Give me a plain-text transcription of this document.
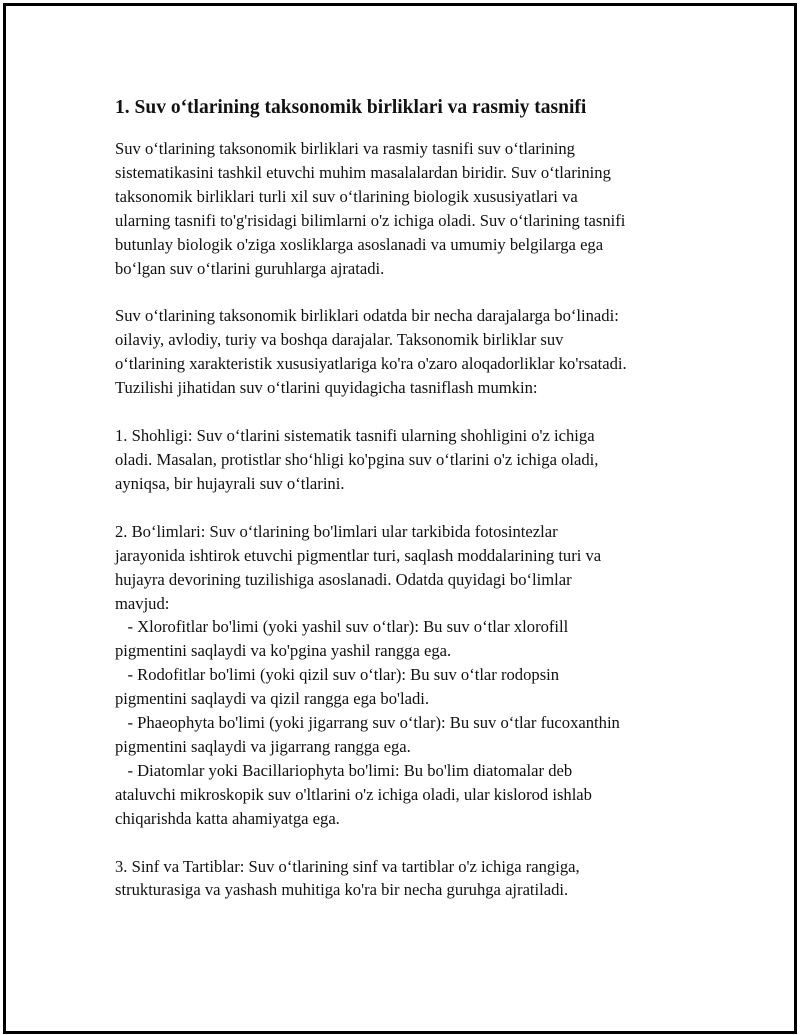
1. Suv o‘tlarining taksonomik birliklari va rasmiy tasnifi
Suv o‘tlarining taksonomik birliklari va rasmiy tasnifi suv o‘tlarining
sistematikasini tashkil etuvchi muhim masalalardan biridir. Suv o‘tlarining
taksonomik birliklari turli xil suv o‘tlarining biologik xususiyatlari va
ularning tasnifi to'g'risidagi bilimlarni o'z ichiga oladi. Suv o‘tlarining tasnifi
butunlay biologik o'ziga xosliklarga asoslanadi va umumiy belgilarga ega
bo‘lgan suv o‘tlarini guruhlarga ajratadi.
Suv o‘tlarining taksonomik birliklari odatda bir necha darajalarga bo‘linadi:
oilaviy, avlodiy, turiy va boshqa darajalar. Taksonomik birliklar suv
o‘tlarining xarakteristik xususiyatlariga ko'ra o'zaro aloqadorliklar ko'rsatadi.
Tuzilishi jihatidan suv o‘tlarini quyidagicha tasniflash mumkin:
1. Shohligi: Suv o‘tlarini sistematik tasnifi ularning shohligini o'z ichiga
oladi. Masalan, protistlar sho‘hligi ko'pgina suv o‘tlarini o'z ichiga oladi,
ayniqsa, bir hujayrali suv o‘tlarini.
2. Bo‘limlari: Suv o‘tlarining bo'limlari ular tarkibida fotosintezlar
jarayonida ishtirok etuvchi pigmentlar turi, saqlash moddalarining turi va
hujayra devorining tuzilishiga asoslanadi. Odatda quyidagi bo‘limlar
mavjud:
- Xlorofitlar bo'limi (yoki yashil suv o‘tlar): Bu suv o‘tlar xlorofill
pigmentini saqlaydi va ko'pgina yashil rangga ega.
- Rodofitlar bo'limi (yoki qizil suv o‘tlar): Bu suv o‘tlar rodopsin
pigmentini saqlaydi va qizil rangga ega bo'ladi.
- Phaeophyta bo'limi (yoki jigarrang suv o‘tlar): Bu suv o‘tlar fucoxanthin
pigmentini saqlaydi va jigarrang rangga ega.
- Diatomlar yoki Bacillariophyta bo'limi: Bu bo'lim diatomalar deb
ataluvchi mikroskopik suv o'ltlarini o'z ichiga oladi, ular kislorod ishlab
chiqarishda katta ahamiyatga ega.
3. Sinf va Tartiblar: Suv o‘tlarining sinf va tartiblar o'z ichiga rangiga,
strukturasiga va yashash muhitiga ko'ra bir necha guruhga ajratiladi.
